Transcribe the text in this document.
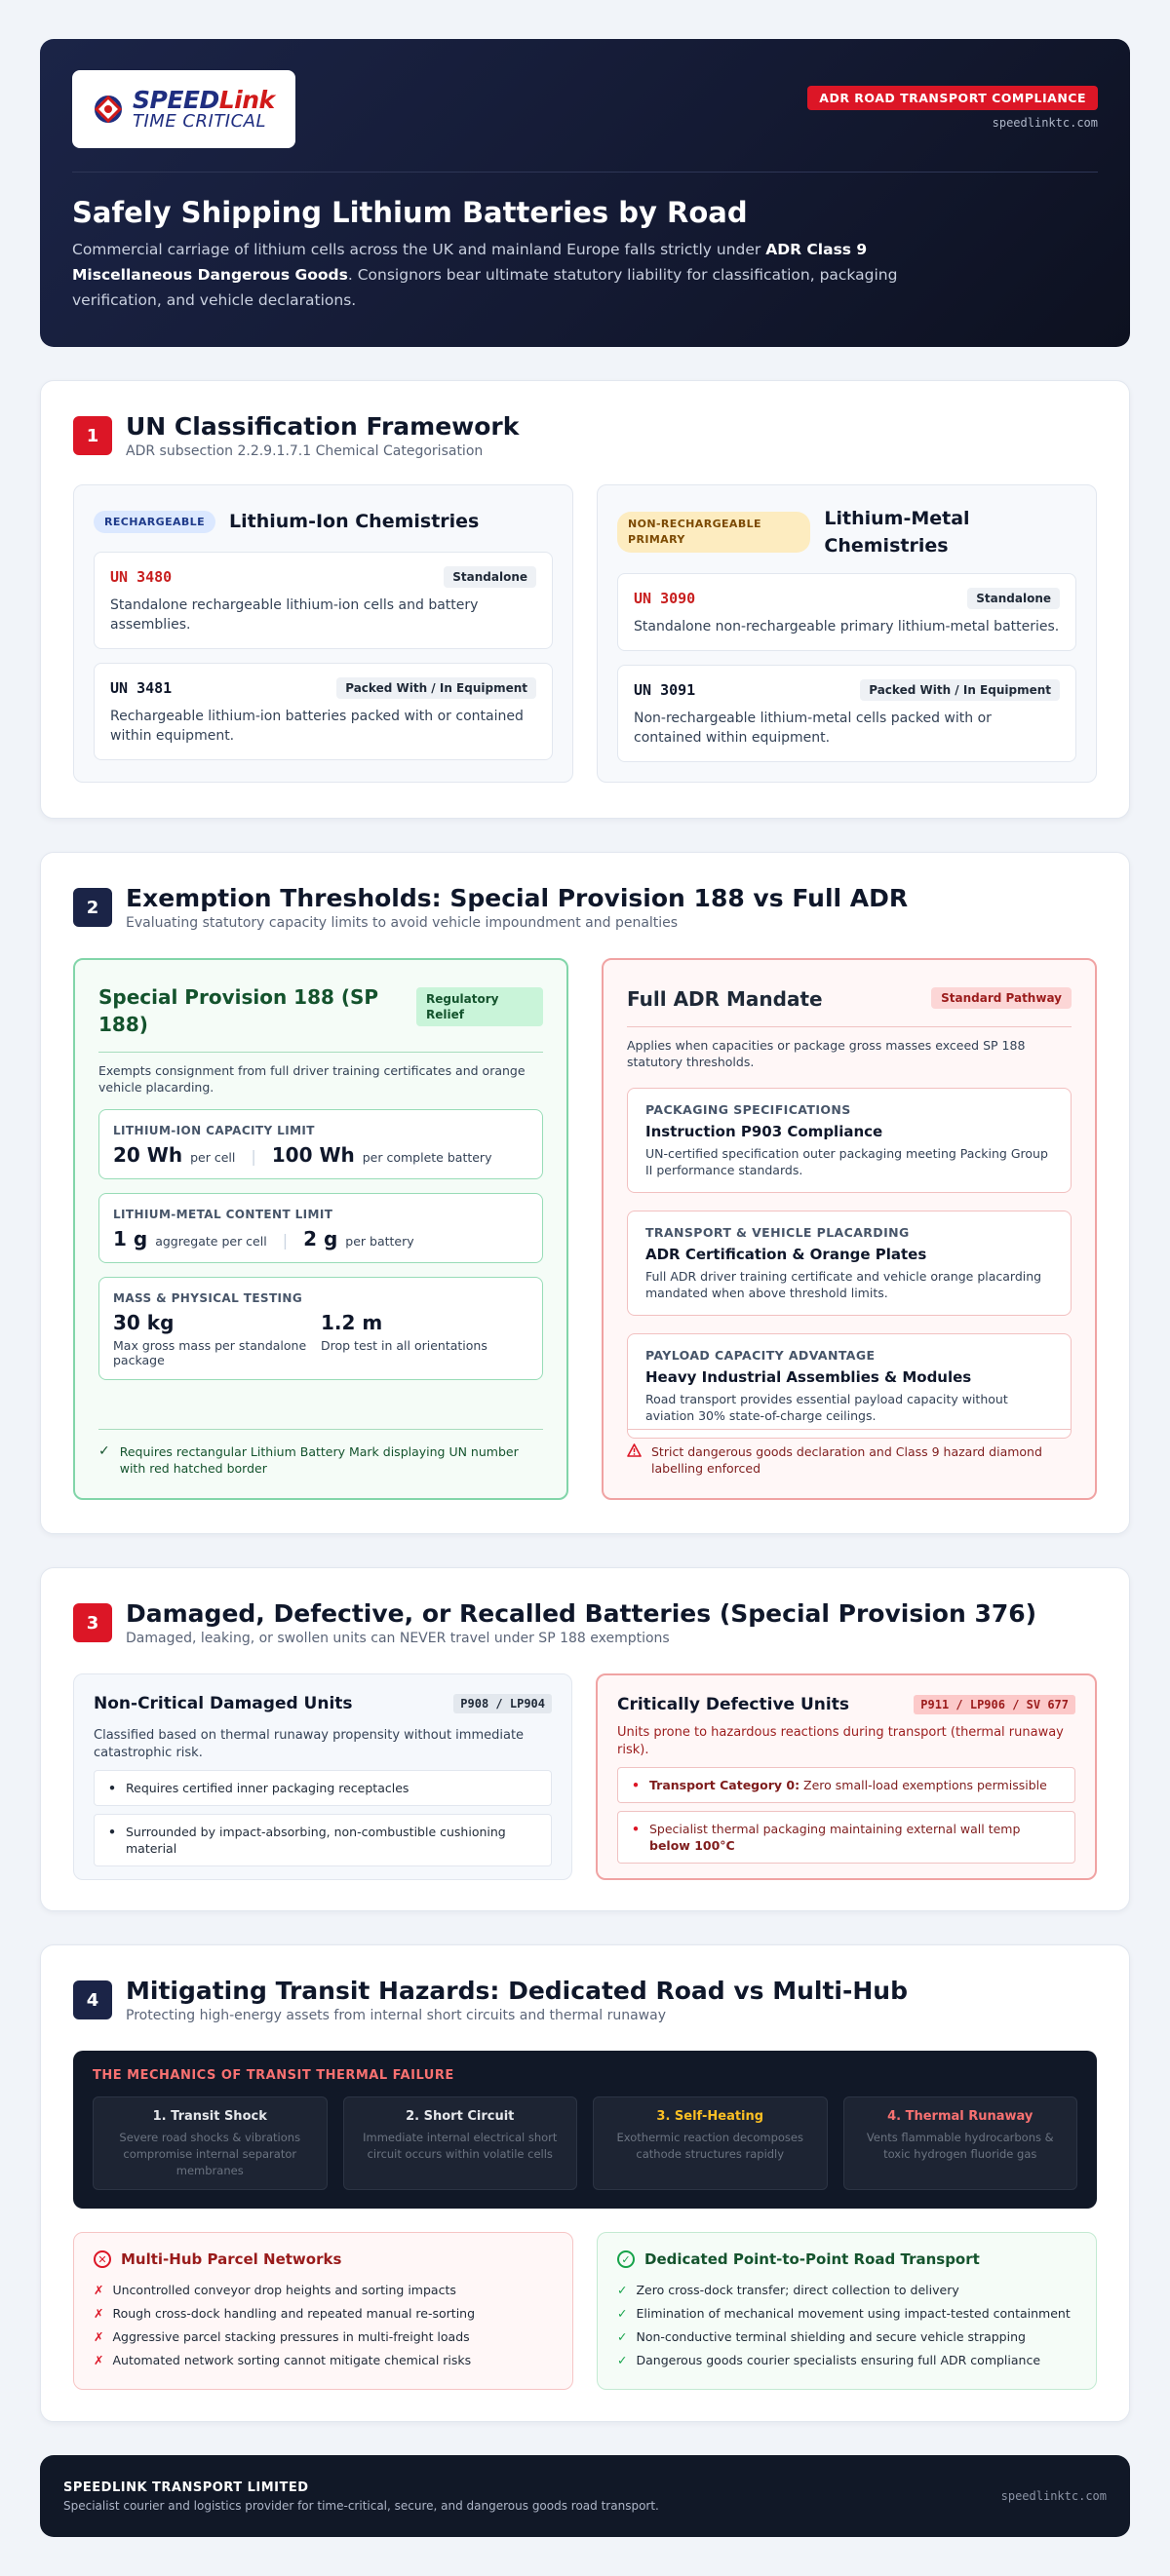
SPEEDLink
TIME CRITICAL
ADR ROAD TRANSPORT COMPLIANCE
speedlinktc.com
Safely Shipping Lithium Batteries by Road

Commercial carriage of lithium cells across the UK and mainland Europe falls strictly under ADR Class 9 Miscellaneous Dangerous Goods. Consignors bear ultimate statutory liability for classification, packaging verification, and vehicle declarations.

1	UN Classification Framework
ADR subsection 2.2.9.1.7.1 Chemical Categorisation
RECHARGEABLE	Lithium-Ion Chemistries
UN 3480	Standalone
Standalone rechargeable lithium-ion cells and battery assemblies.
UN 3481	Packed With / In Equipment
Rechargeable lithium-ion batteries packed with or contained within equipment.
NON-RECHARGEABLE PRIMARY
Lithium-Metal Chemistries
UN 3090	Standalone
Standalone non-rechargeable primary lithium-metal batteries.
UN 3091	Packed With / In Equipment
Non-rechargeable lithium-metal cells packed with or contained within equipment.
2	Exemption Thresholds: Special Provision 188 vs Full ADR
Evaluating statutory capacity limits to avoid vehicle impoundment and penalties
Special Provision 188 (SP 188)
Regulatory Relief

Exempts consignment from full driver training certificates and orange vehicle placarding.

LITHIUM-ION CAPACITY LIMIT
20 Wh per cell | 100 Wh per complete battery
LITHIUM-METAL CONTENT LIMIT
1 g aggregate per cell | 2 g per battery
MASS & PHYSICAL TESTING
30 kg
Max gross mass per standalone package
1.2 m
Drop test in all orientations
✓ Requires rectangular Lithium Battery Mark displaying UN number with red hatched border
Full ADR Mandate	Standard Pathway

Applies when capacities or package gross masses exceed SP 188 statutory thresholds.

PACKAGING SPECIFICATIONS
Instruction P903 Compliance
UN-certified specification outer packaging meeting Packing Group II performance standards.
TRANSPORT & VEHICLE PLACARDING
ADR Certification & Orange Plates
Full ADR driver training certificate and vehicle orange placarding mandated when above threshold limits.
PAYLOAD CAPACITY ADVANTAGE
Heavy Industrial Assemblies & Modules
Road transport provides essential payload capacity without aviation 30% state-of-charge ceilings.
Strict dangerous goods declaration and Class 9 hazard diamond labelling enforced
3	Damaged, Defective, or Recalled Batteries (Special Provision 376)
Damaged, leaking, or swollen units can NEVER travel under SP 188 exemptions
Non-Critical Damaged Units	P908 / LP904

Classified based on thermal runaway propensity without immediate catastrophic risk.

• Requires certified inner packaging receptacles
• Surrounded by impact-absorbing, non-combustible cushioning material
Critically Defective Units	P911 / LP906 / SV 677

Units prone to hazardous reactions during transport (thermal runaway risk).

• Transport Category 0: Zero small-load exemptions permissible
• Specialist thermal packaging maintaining external wall temp below 100°C
4	Mitigating Transit Hazards: Dedicated Road vs Multi-Hub
Protecting high-energy assets from internal short circuits and thermal runaway
THE MECHANICS OF TRANSIT THERMAL FAILURE
1. Transit Shock
Severe road shocks & vibrations compromise internal separator membranes
2. Short Circuit
Immediate internal electrical short circuit occurs within volatile cells
3. Self-Heating
Exothermic reaction decomposes cathode structures rapidly
4. Thermal Runaway
Vents flammable hydrocarbons & toxic hydrogen fluoride gas
✕ Multi-Hub Parcel Networks
✗ Uncontrolled conveyor drop heights and sorting impacts
✗ Rough cross-dock handling and repeated manual re-sorting
✗ Aggressive parcel stacking pressures in multi-freight loads
✗ Automated network sorting cannot mitigate chemical risks
✓ Dedicated Point-to-Point Road Transport
✓ Zero cross-dock transfer; direct collection to delivery
✓ Elimination of mechanical movement using impact-tested containment
✓ Non-conductive terminal shielding and secure vehicle strapping
✓ Dangerous goods courier specialists ensuring full ADR compliance
SPEEDLINK TRANSPORT LIMITED
Specialist courier and logistics provider for time-critical, secure, and dangerous goods road transport.
speedlinktc.com
